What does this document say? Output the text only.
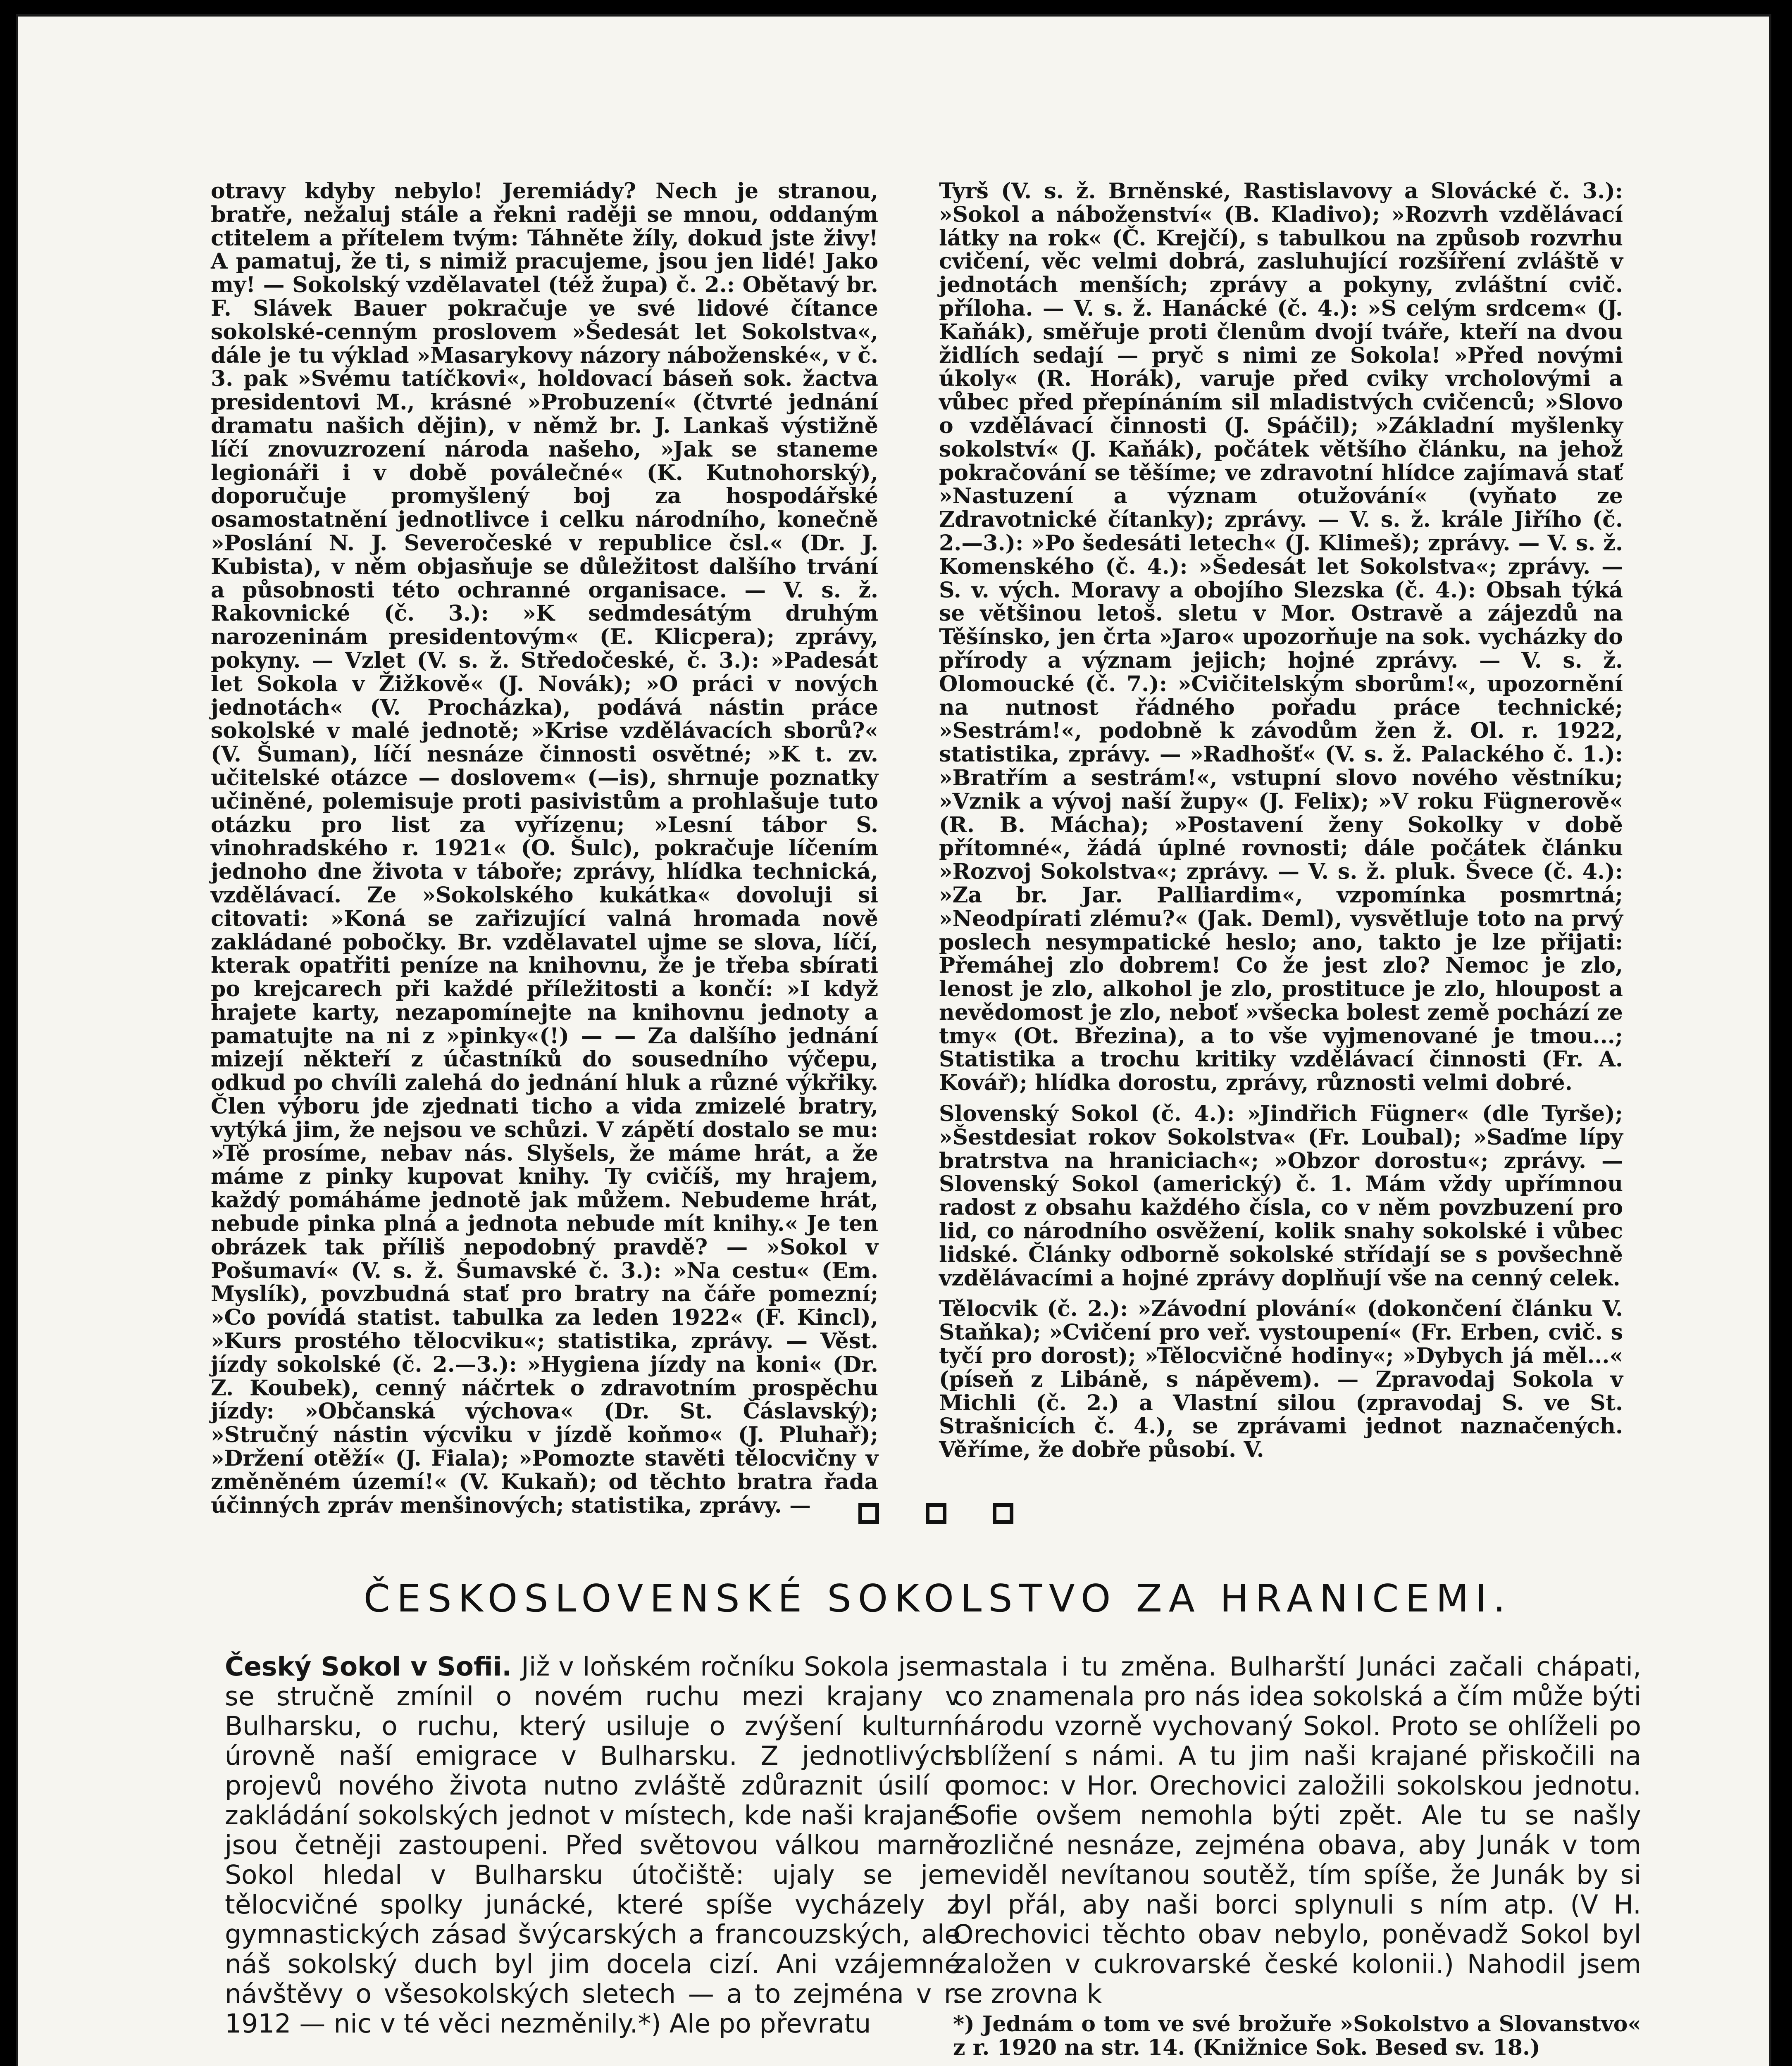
otravy kdyby nebylo! Jeremiády? Nech je stranou, bratře, nežaluj stále a řekni raději se mnou, oddaným ctitelem a přítelem tvým: Táhněte žíly, dokud jste živy! A pamatuj, že ti, s nimiž pracujeme, jsou jen lidé! Jako my! — Sokolský vzdělavatel (též župa) č. 2.: Obětavý br. F. Slávek Bauer pokračuje ve své lidové čítance sokolské-cenným proslovem »Šedesát let Sokolstva«, dále je tu výklad »Masarykovy názory náboženské«, v č. 3. pak »Svému tatíčkovi«, holdovací báseň sok. žactva presidentovi M., krásné »Probuzení« (čtvrté jednání dramatu našich dějin), v němž br. J. Lankaš výstižně líčí znovuzrození národa našeho, »Jak se staneme legionáři i v době poválečné« (K. Kutnohorský), doporučuje promyšlený boj za hospodářské osamostatnění jednotlivce i celku národního, konečně »Poslání N. J. Severočeské v republice čsl.« (Dr. J. Kubista), v něm objasňuje se důležitost dalšího trvání a působnosti této ochranné organisace. — V. s. ž. Rakovnické (č. 3.): »K sedmdesátým druhým narozeninám presidentovým« (E. Klicpera); zprávy, pokyny. — Vzlet (V. s. ž. Středočeské, č. 3.): »Padesát let Sokola v Žižkově« (J. Novák); »O práci v nových jednotách« (V. Procházka), podává nástin práce sokolské v malé jednotě; »Krise vzdělávacích sborů?« (V. Šuman), líčí nesnáze činnosti osvětné; »K t. zv. učitelské otázce — doslovem« (—is), shrnuje poznatky učiněné, polemisuje proti pasivistům a prohlašuje tuto otázku pro list za vyřízenu; »Lesní tábor S. vinohradského r. 1921« (O. Šulc), pokračuje líčením jednoho dne života v táboře; zprávy, hlídka technická, vzdělávací. Ze »Sokolského kukátka« dovoluji si citovati: »Koná se zařizující valná hromada nově zakládané pobočky. Br. vzdělavatel ujme se slova, líčí, kterak opatřiti peníze na knihovnu, že je třeba sbírati po krejcarech při každé příležitosti a končí: »I když hrajete karty, nezapomínejte na knihovnu jednoty a pamatujte na ni z »pinky«(!) — — Za dalšího jednání mizejí někteří z účastníků do sousedního výčepu, odkud po chvíli zalehá do jednání hluk a různé výkřiky. Člen výboru jde zjednati ticho a vida zmizelé bratry, vytýká jim, že nejsou ve schůzi. V zápětí dostalo se mu: »Tě prosíme, nebav nás. Slyšels, že máme hrát, a že máme z pinky kupovat knihy. Ty cvičíš, my hrajem, každý pomáháme jednotě jak můžem. Nebudeme hrát, nebude pinka plná a jednota nebude mít knihy.« Je ten obrázek tak příliš nepodobný pravdě? — »Sokol v Pošumaví« (V. s. ž. Šumavské č. 3.): »Na cestu« (Em. Myslík), povzbudná stať pro bratry na čáře pomezní; »Co povídá statist. tabulka za leden 1922« (F. Kincl), »Kurs prostého tělocviku«; statistika, zprávy. — Věst. jízdy sokolské (č. 2.—3.): »Hygiena jízdy na koni« (Dr. Z. Koubek), cenný náčrtek o zdravotním prospěchu jízdy: »Občanská výchova« (Dr. St. Čáslavský); »Stručný nástin výcviku v jízdě koňmo« (J. Pluhař); »Držení otěží« (J. Fiala); »Pomozte stavěti tělocvičny v změněném území!« (V. Kukaň); od těchto bratra řada účinných zpráv menšinových; statistika, zprávy. —

Tyrš (V. s. ž. Brněnské, Rastislavovy a Slovácké č. 3.): »Sokol a náboženství« (B. Kladivo); »Rozvrh vzdělávací látky na rok« (Č. Krejčí), s tabulkou na způsob rozvrhu cvičení, věc velmi dobrá, zasluhující rozšíření zvláště v jednotách menších; zprávy a pokyny, zvláštní cvič. příloha. — V. s. ž. Hanácké (č. 4.): »S celým srdcem« (J. Kaňák), směřuje proti členům dvojí tváře, kteří na dvou židlích sedají — pryč s nimi ze Sokola! »Před novými úkoly« (R. Horák), varuje před cviky vrcholovými a vůbec před přepínáním sil mladistvých cvičenců; »Slovo o vzdělávací činnosti (J. Spáčil); »Základní myšlenky sokolství« (J. Kaňák), počátek většího článku, na jehož pokračování se těšíme; ve zdravotní hlídce zajímavá stať »Nastuzení a význam otužování« (vyňato ze Zdravotnické čítanky); zprávy. — V. s. ž. krále Jiřího (č. 2.—3.): »Po šedesáti letech« (J. Klimeš); zprávy. — V. s. ž. Komenského (č. 4.): »Šedesát let Sokolstva«; zprávy. — S. v. vých. Moravy a obojího Slezska (č. 4.): Obsah týká se většinou letoš. sletu v Mor. Ostravě a zájezdů na Těšínsko, jen črta »Jaro« upozorňuje na sok. vycházky do přírody a význam jejich; hojné zprávy. — V. s. ž. Olomoucké (č. 7.): »Cvičitelským sborům!«, upozornění na nutnost řádného pořadu práce technické; »Sestrám!«, podobně k závodům žen ž. Ol. r. 1922, statistika, zprávy. — »Radhošť« (V. s. ž. Palackého č. 1.): »Bratřím a sestrám!«, vstupní slovo nového věstníku; »Vznik a vývoj naší župy« (J. Felix); »V roku Fügnerově« (R. B. Mácha); »Postavení ženy Sokolky v době přítomné«, žádá úplné rovnosti; dále počátek článku »Rozvoj Sokolstva«; zprávy. — V. s. ž. pluk. Švece (č. 4.): »Za br. Jar. Palliardim«, vzpomínka posmrtná; »Neodpírati zlému?« (Jak. Deml), vysvětluje toto na prvý poslech nesympatické heslo; ano, takto je lze přijati: Přemáhej zlo dobrem! Co že jest zlo? Nemoc je zlo, lenost je zlo, alkohol je zlo, prostituce je zlo, hloupost a nevědomost je zlo, neboť »všecka bolest země pochází ze tmy« (Ot. Březina), a to vše vyjmenované je tmou...; Statistika a trochu kritiky vzdělávací činnosti (Fr. A. Kovář); hlídka dorostu, zprávy, různosti velmi dobré.

Slovenský Sokol (č. 4.): »Jindřich Fügner« (dle Tyrše); »Šestdesiat rokov Sokolstva« (Fr. Loubal); »Saďme lípy bratrstva na hraniciach«; »Obzor dorostu«; zprávy. — Slovenský Sokol (americký) č. 1. Mám vždy upřímnou radost z obsahu každého čísla, co v něm povzbuzení pro lid, co národního osvěžení, kolik snahy sokolské i vůbec lidské. Články odborně sokolské střídají se s povšechně vzdělávacími a hojné zprávy doplňují vše na cenný celek.

Tělocvik (č. 2.): »Závodní plování« (dokončení článku V. Staňka); »Cvičení pro veř. vystoupení« (Fr. Erben, cvič. s tyčí pro dorost); »Tělocvičné hodiny«; »Dybych já měl...« (píseň z Libáně, s nápěvem). — Zpravodaj Sokola v Michli (č. 2.) a Vlastní silou (zpravodaj S. ve St. Strašnicích č. 4.), se zprávami jednot naznačených. Věříme, že dobře působí. V.

ČESKOSLOVENSKÉ SOKOLSTVO ZA HRANICEMI.
Český Sokol v Sofii. Již v loňském ročníku Sokola jsem se stručně zmínil o novém ruchu mezi krajany v Bulharsku, o ruchu, který usiluje o zvýšení kulturní úrovně naší emigrace v Bulharsku. Z jednotlivých projevů nového života nutno zvláště zdůraznit úsilí o zakládání sokolských jednot v místech, kde naši krajané jsou četněji zastoupeni. Před světovou válkou marně Sokol hledal v Bulharsku útočiště: ujaly se jen tělocvičné spolky junácké, které spíše vycházely z gymnastických zásad švýcarských a francouzských, ale náš sokolský duch byl jim docela cizí. Ani vzájemné návštěvy o všesokolských sletech — a to zejména v r. 1912 — nic v té věci nezměnily.*) Ale po převratu
nastala i tu změna. Bulharští Junáci začali chápati, co znamenala pro nás idea sokolská a čím může býti národu vzorně vychovaný Sokol. Proto se ohlíželi po sblížení s námi. A tu jim naši krajané přiskočili na pomoc: v Hor. Orechovici založili sokolskou jednotu. Sofie ovšem nemohla býti zpět. Ale tu se našly rozličné nesnáze, zejména obava, aby Junák v tom neviděl nevítanou soutěž, tím spíše, že Junák by si byl přál, aby naši borci splynuli s ním atp. (V H. Orechovici těchto obav nebylo, poněvadž Sokol byl založen v cukrovarské české kolonii.) Nahodil jsem se zrovna k
*) Jednám o tom ve své brožuře »Sokolstvo a Slovanstvo« z r. 1920 na str. 14. (Knižnice Sok. Besed sv. 18.)
